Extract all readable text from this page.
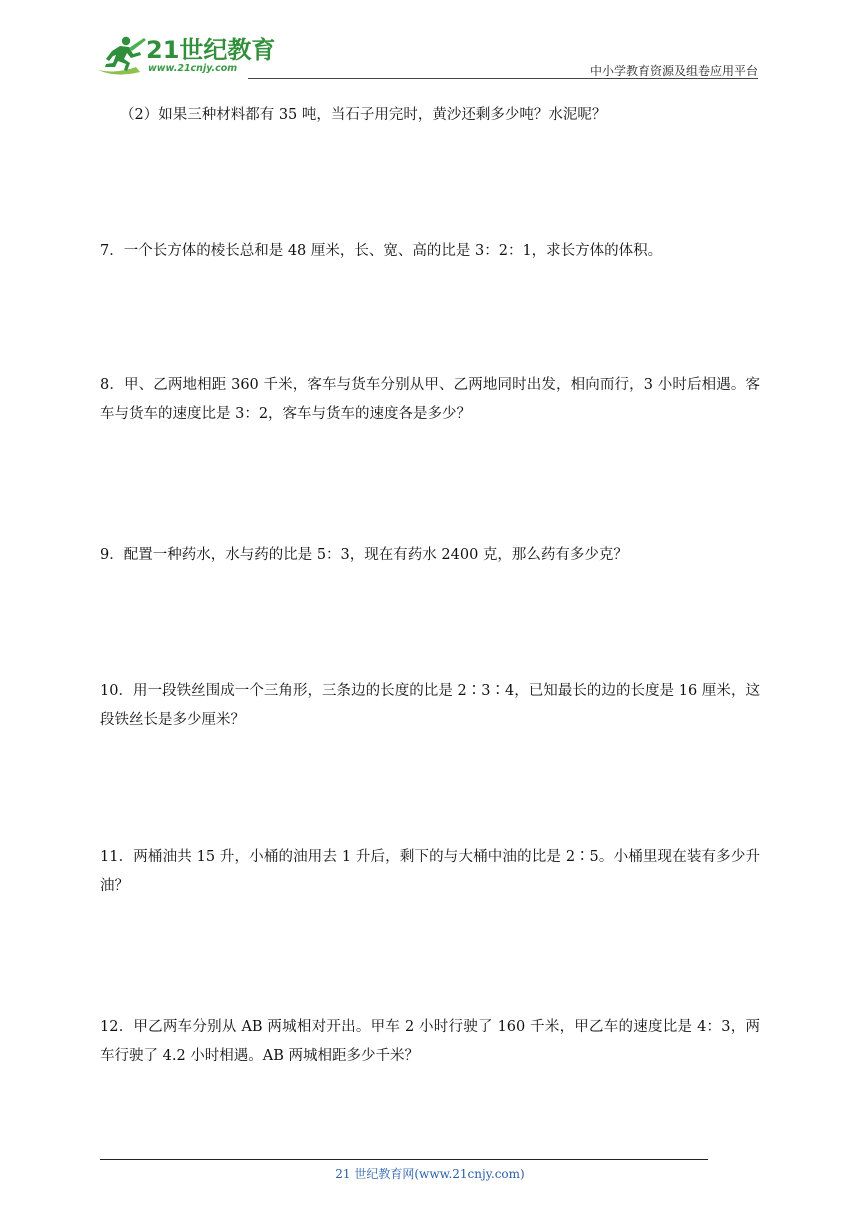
21世纪教育
www.21cnjy.com	中小学教育资源及组卷应用平台
（2）如果三种材料都有 35 吨，当石子用完时，黄沙还剩多少吨？水泥呢？
7．一个长方体的棱长总和是 48 厘米，长、宽、高的比是 3：2：1，求长方体的体积。
8．甲、乙两地相距 360 千米，客车与货车分别从甲、乙两地同时出发，相向而行，3 小时后相遇。客车与货车的速度比是 3：2，客车与货车的速度各是多少？
9．配置一种药水，水与药的比是 5：3，现在有药水 2400 克，那么药有多少克？
10．用一段铁丝围成一个三角形，三条边的长度的比是 2∶3∶4，已知最长的边的长度是 16 厘米，这段铁丝长是多少厘米？
11．两桶油共 15 升，小桶的油用去 1 升后，剩下的与大桶中油的比是 2∶5。小桶里现在装有多少升油？
12．甲乙两车分别从 AB 两城相对开出。甲车 2 小时行驶了 160 千米，甲乙车的速度比是 4：3，两车行驶了 4.2 小时相遇。AB 两城相距多少千米？
21 世纪教育网(www.21cnjy.com)
